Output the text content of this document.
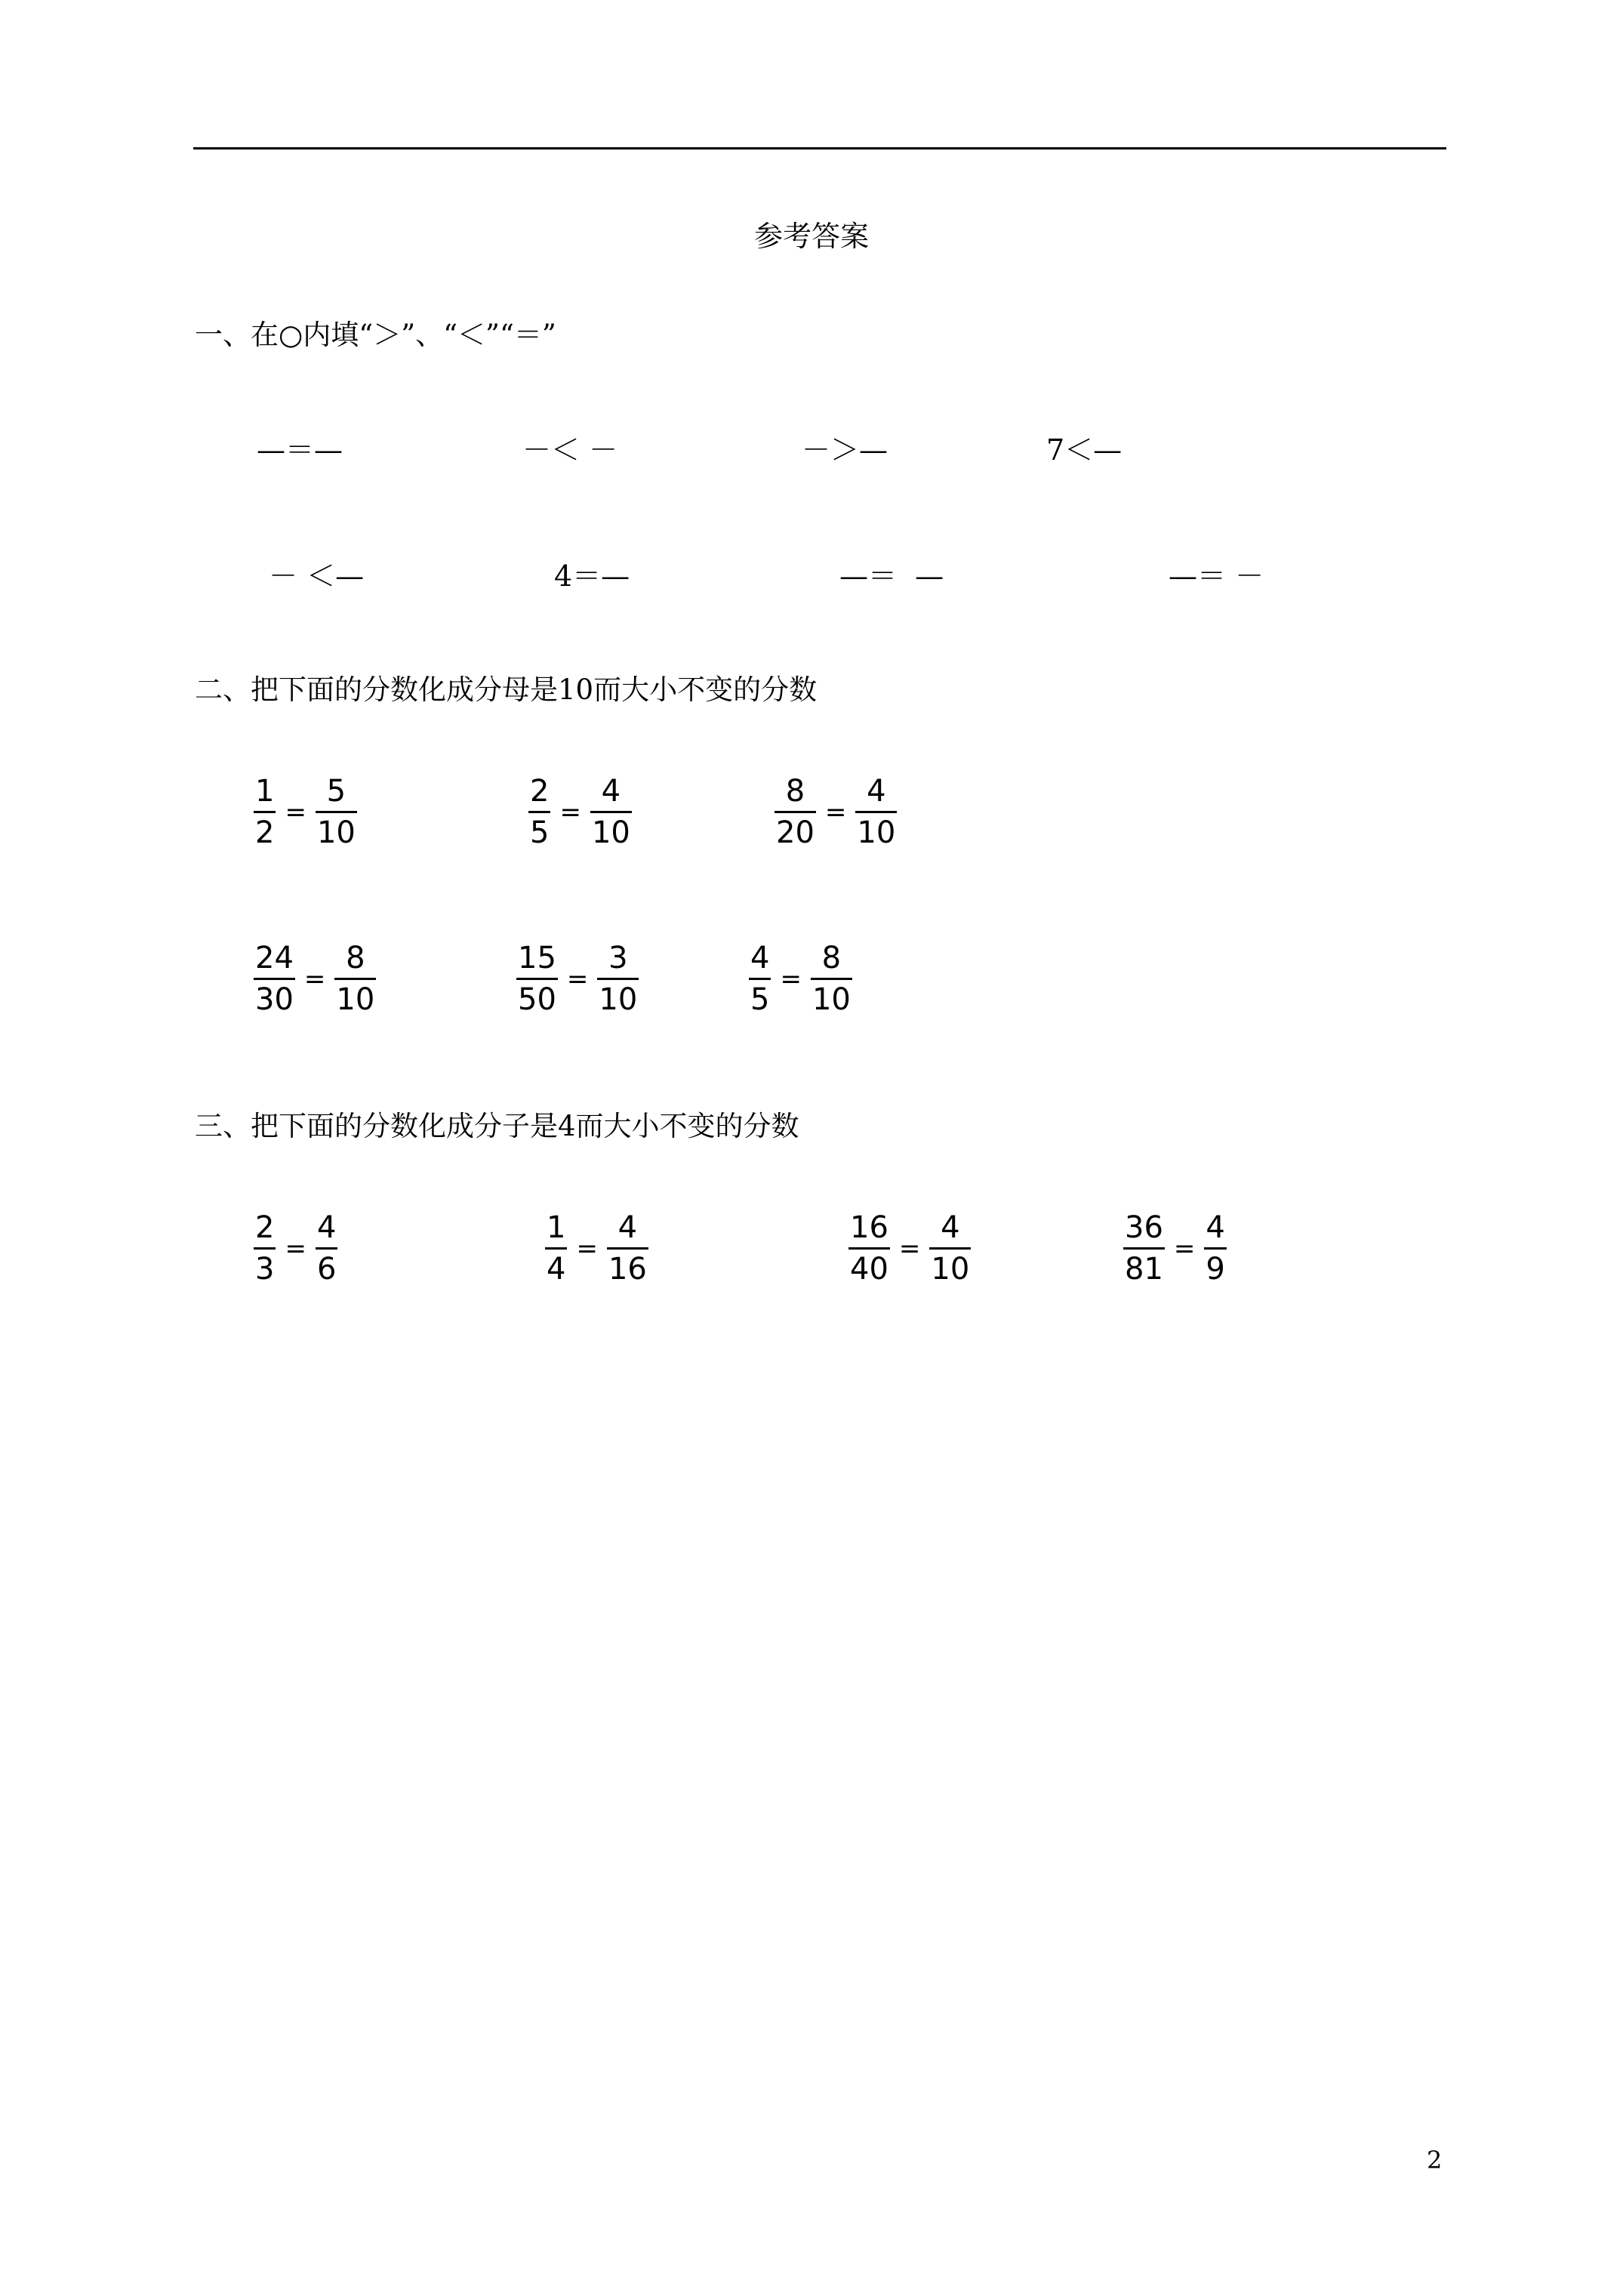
参考答案
一、在○内填“＞”、“＜”“＝”
—＝—	－＜ －	－＞—	7＜—
－ ＜—	4＝—	—＝  —	—＝ －
二、把下面的分数化成分母是10而大小不变的分数
$\frac{1}{2} = \frac{5}{10}$	$\frac{2}{5} = \frac{4}{10}$	$\frac{8}{20} = \frac{4}{10}$
$\frac{24}{30} = \frac{8}{10}$	$\frac{15}{50} = \frac{3}{10}$	$\frac{4}{5} = \frac{8}{10}$
三、把下面的分数化成分子是4而大小不变的分数
$\frac{2}{3} = \frac{4}{6}$	$\frac{1}{4} = \frac{4}{16}$	$\frac{16}{40} = \frac{4}{10}$	$\frac{36}{81} = \frac{4}{9}$
2
